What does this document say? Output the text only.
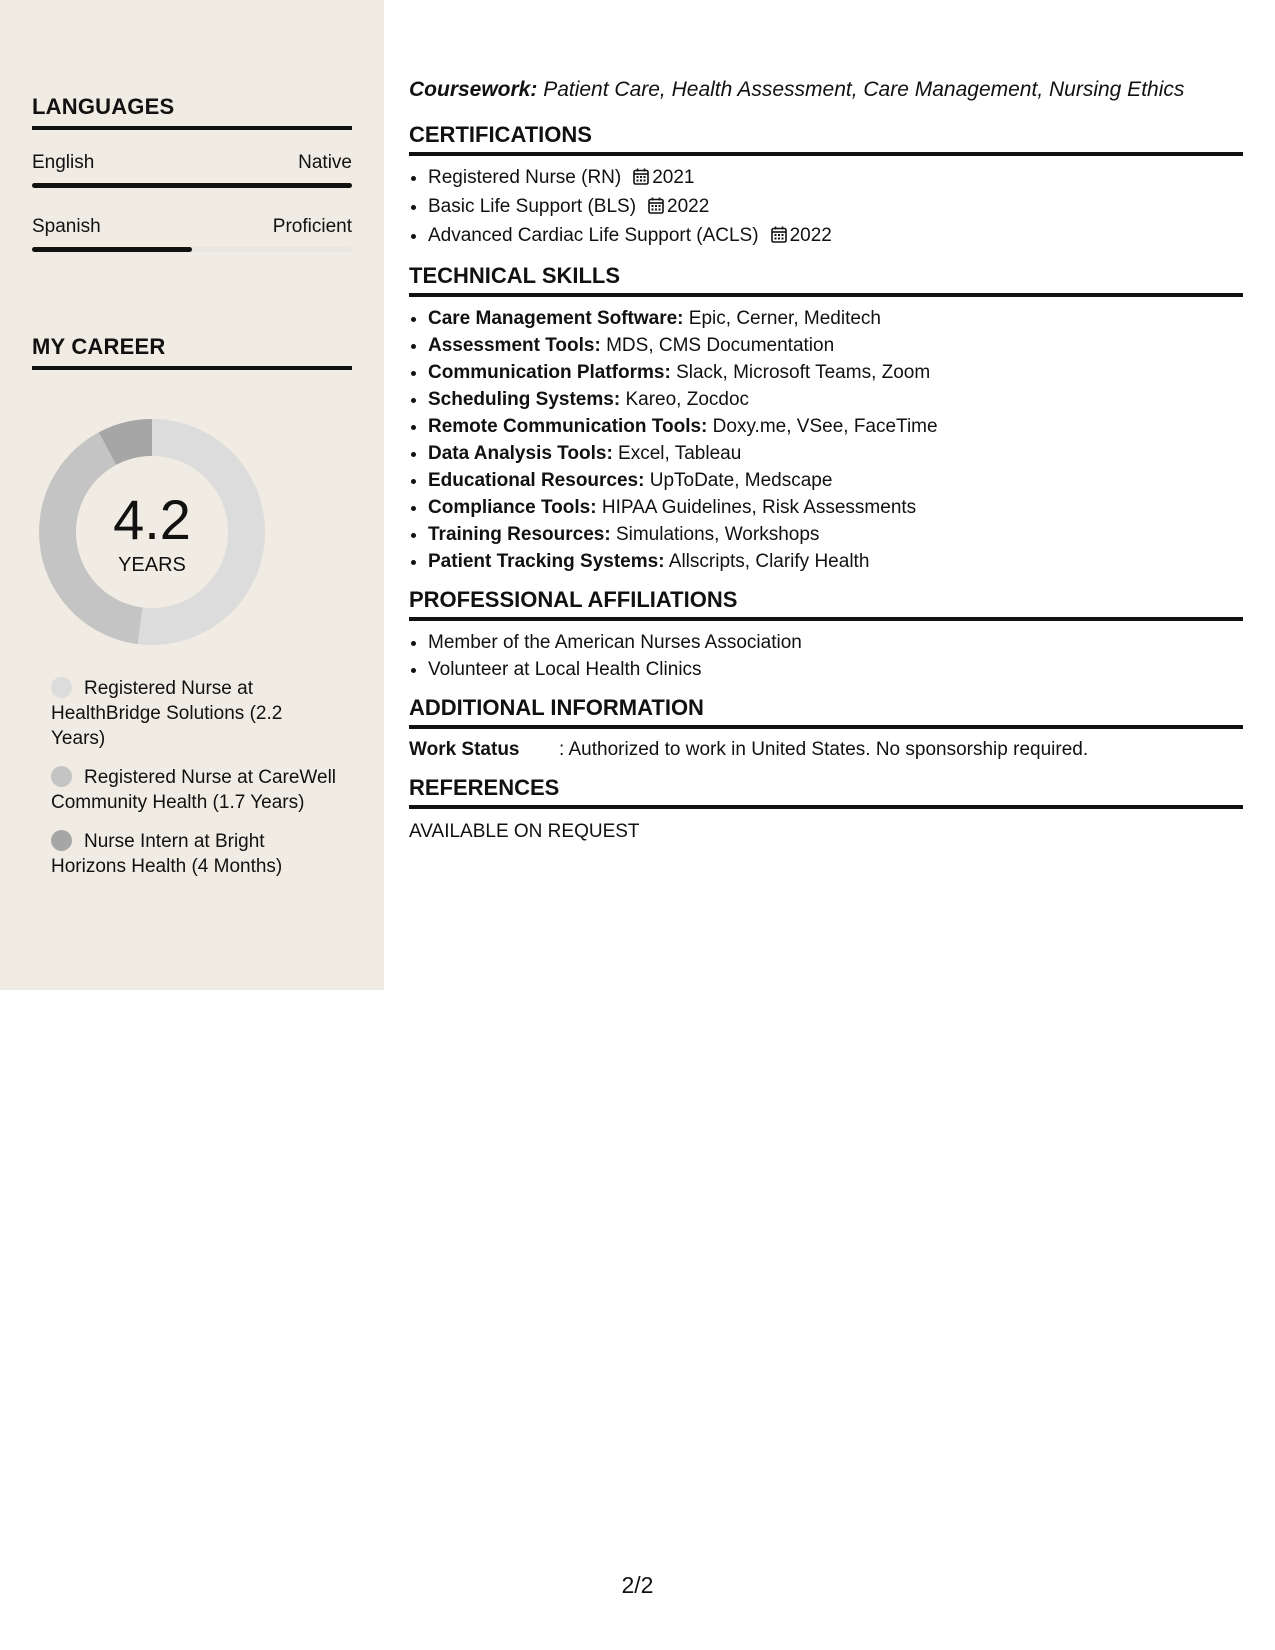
LANGUAGES
English	Native
Spanish	Proficient
MY CAREER
4.2
YEARS
Registered Nurse at HealthBridge Solutions (2.2 Years)
Registered Nurse at CareWell Community Health (1.7 Years)
Nurse Intern at Bright Horizons Health (4 Months)

Coursework: Patient Care, Health Assessment, Care Management, Nursing Ethics

CERTIFICATIONS
• Registered Nurse (RN) 2021
• Basic Life Support (BLS) 2022
• Advanced Cardiac Life Support (ACLS) 2022
TECHNICAL SKILLS
• Care Management Software: Epic, Cerner, Meditech
• Assessment Tools: MDS, CMS Documentation
• Communication Platforms: Slack, Microsoft Teams, Zoom
• Scheduling Systems: Kareo, Zocdoc
• Remote Communication Tools: Doxy.me, VSee, FaceTime
• Data Analysis Tools: Excel, Tableau
• Educational Resources: UpToDate, Medscape
• Compliance Tools: HIPAA Guidelines, Risk Assessments
• Training Resources: Simulations, Workshops
• Patient Tracking Systems: Allscripts, Clarify Health
PROFESSIONAL AFFILIATIONS
• Member of the American Nurses Association
• Volunteer at Local Health Clinics
ADDITIONAL INFORMATION
Work Status	: Authorized to work in United States. No sponsorship required.
REFERENCES

AVAILABLE ON REQUEST

2/2
